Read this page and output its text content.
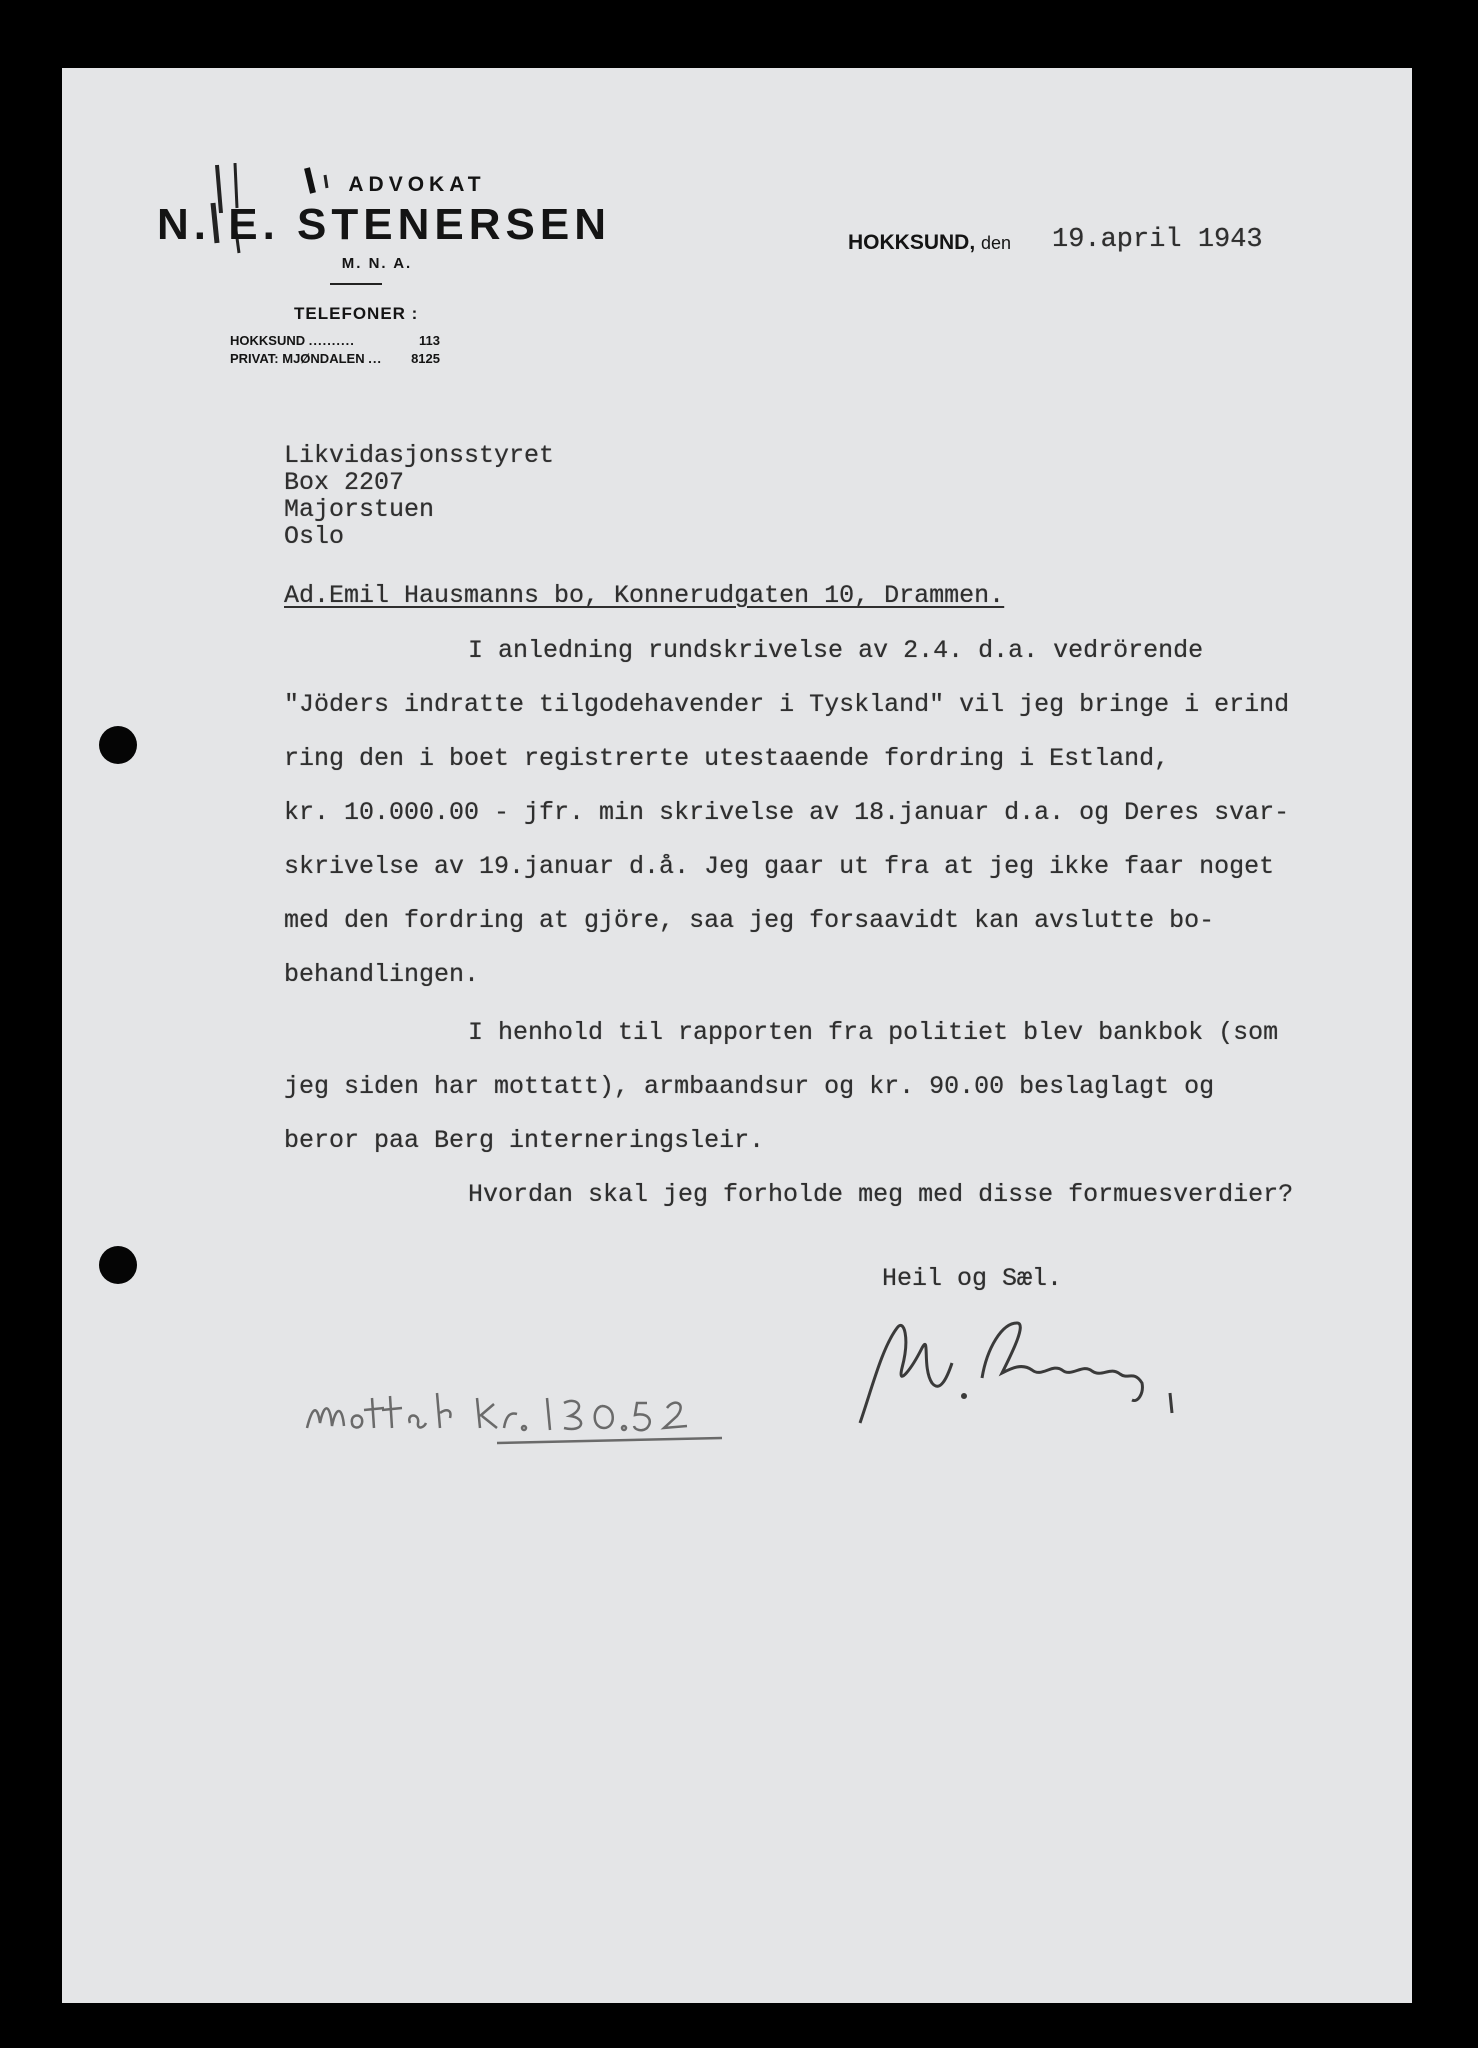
ADVOKAT
N. E. STENERSEN
M. N. A.
TELEFONER :
HOKKSUND ..........	113
PRIVAT: MJØNDALEN ... 8125
HOKKSUND, den 19.april 1943
Likvidasjonsstyret
Box 2207
Majorstuen
Oslo
Ad.Emil Hausmanns bo, Konnerudgaten 10, Drammen.
I anledning rundskrivelse av 2.4. d.a. vedrörende
"Jöders indratte tilgodehavender i Tyskland" vil jeg bringe i erind
ring den i boet registrerte utestaaende fordring i Estland,
kr. 10.000.00 - jfr. min skrivelse av 18.januar d.a. og Deres svar-
skrivelse av 19.januar d.å. Jeg gaar ut fra at jeg ikke faar noget
med den fordring at gjöre, saa jeg forsaavidt kan avslutte bo-
behandlingen.
I henhold til rapporten fra politiet blev bankbok (som
jeg siden har mottatt), armbaandsur og kr. 90.00 beslaglagt og
beror paa Berg interneringsleir.
Hvordan skal jeg forholde meg med disse formuesverdier?
Heil og Sæl.
